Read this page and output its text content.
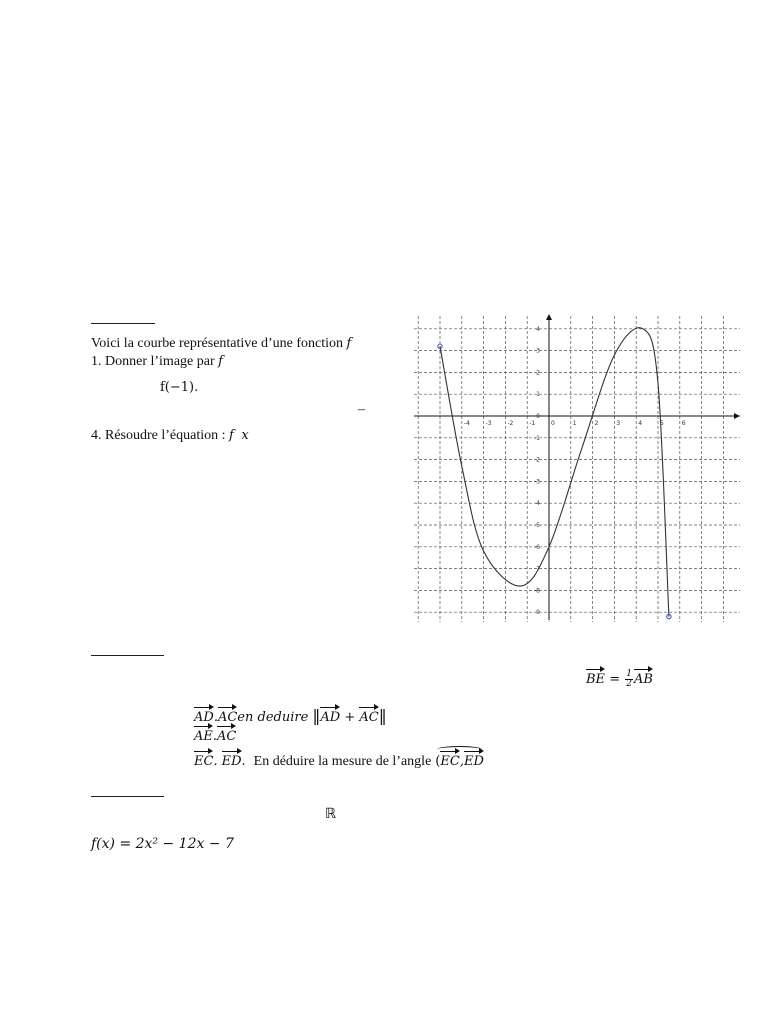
Voici la courbe représentative d’une fonction f
1. Donner l’image par f
f(−1).
–
4. Résoudre l’équation : f x
-4	-3	-2	-1	0	1	2	3	4	5	6
4
3
2
1
0
-1
-2
-3
-4
-5
-6
-7
-8
-9
BE = $\frac{1}{2}$ AB
AD.ACen deduire ‖AD + AC‖
AE.AC
EC. ED. En déduire la mesure de l’angle (EC,ED
ℝ
f(x) = 2x² − 12x − 7
